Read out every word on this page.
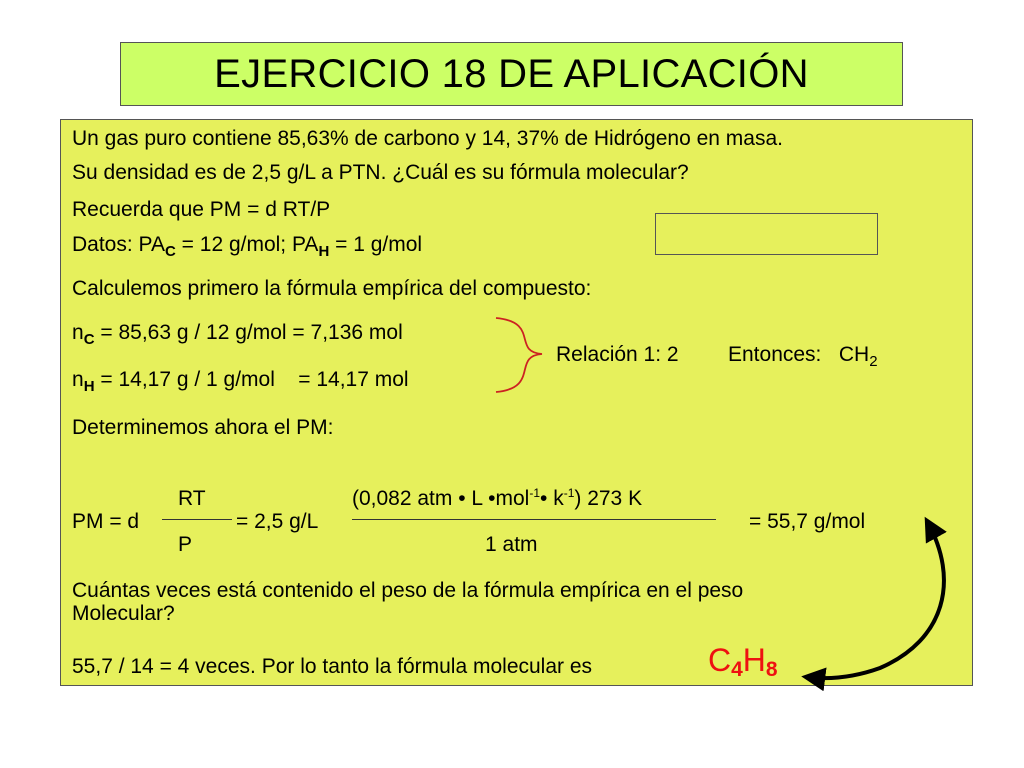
EJERCICIO 18 DE APLICACIÓN
Un gas puro contiene 85,63% de carbono y 14, 37% de Hidrógeno en masa.
Su densidad es de 2,5 g/L a PTN. ¿Cuál es su fórmula molecular?
Recuerda que PM = d RT/P
Datos: $PA_C = 12$ g/mol; $PA_H = 1$ g/mol
Calculemos primero la fórmula empírica del compuesto:
$n_C = 85,63$ g / 12 g/mol = 7,136 mol
$n_H = 14,17$ g / 1 g/mol    = 14,17 mol
Relación 1: 2 Entonces:   $CH_2$
Determinemos ahora el PM:
RT
P
PM = d	= 2,5 g/L
(0,082 atm • L •mol$^{-1}$• $k^{-1}$) 273 K
1 atm
= 55,7 g/mol
Cuántas veces está contenido el peso de la fórmula empírica en el peso
Molecular?
55,7 / 14 = 4 veces. Por lo tanto la fórmula molecular es	C4H8
